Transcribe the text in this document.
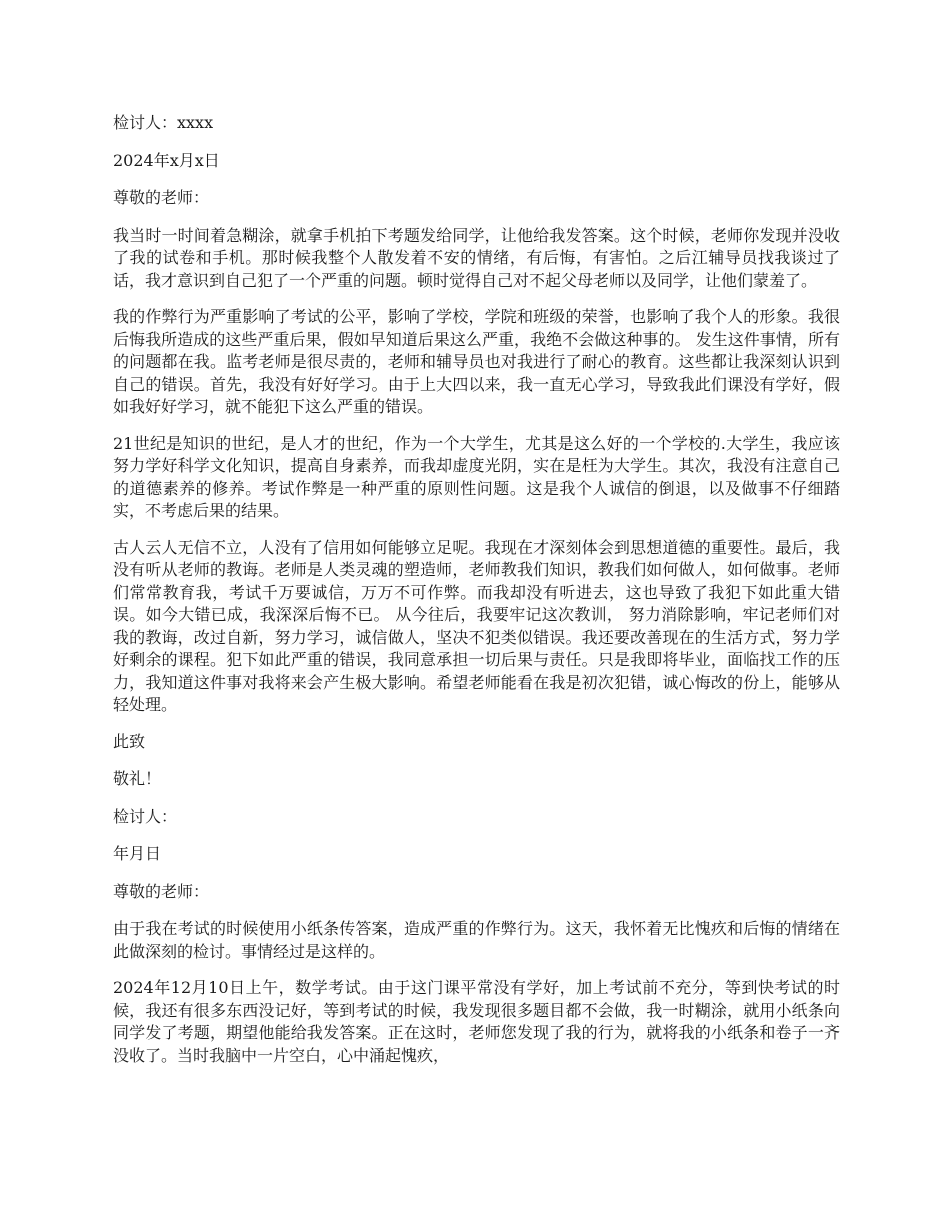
检讨人：xxxx

2024年x月x日

尊敬的老师：

我当时一时间着急糊涂，就拿手机拍下考题发给同学，让他给我发答案。这个时候，老师你发现并没收了我的试卷和手机。那时候我整个人散发着不安的情绪，有后悔，有害怕。之后江辅导员找我谈过了话，我才意识到自己犯了一个严重的问题。顿时觉得自己对不起父母老师以及同学，让他们蒙羞了。

我的作弊行为严重影响了考试的公平，影响了学校，学院和班级的荣誉，也影响了我个人的形象。我很后悔我所造成的这些严重后果，假如早知道后果这么严重，我绝不会做这种事的。 发生这件事情，所有的问题都在我。监考老师是很尽责的，老师和辅导员也对我进行了耐心的教育。这些都让我深刻认识到自己的错误。首先，我没有好好学习。由于上大四以来，我一直无心学习，导致我此们课没有学好，假如我好好学习，就不能犯下这么严重的错误。

21世纪是知识的世纪，是人才的世纪，作为一个大学生，尤其是这么好的一个学校的.大学生，我应该努力学好科学文化知识，提高自身素养，而我却虚度光阴，实在是枉为大学生。其次，我没有注意自己的道德素养的修养。考试作弊是一种严重的原则性问题。这是我个人诚信的倒退，以及做事不仔细踏实，不考虑后果的结果。

古人云人无信不立，人没有了信用如何能够立足呢。我现在才深刻体会到思想道德的重要性。最后，我没有听从老师的教诲。老师是人类灵魂的塑造师，老师教我们知识，教我们如何做人，如何做事。老师们常常教育我，考试千万要诚信，万万不可作弊。而我却没有听进去，这也导致了我犯下如此重大错误。如今大错已成，我深深后悔不已。 从今往后，我要牢记这次教训， 努力消除影响，牢记老师们对我的教诲，改过自新，努力学习，诚信做人，坚决不犯类似错误。我还要改善现在的生活方式，努力学好剩余的课程。犯下如此严重的错误，我同意承担一切后果与责任。只是我即将毕业，面临找工作的压力，我知道这件事对我将来会产生极大影响。希望老师能看在我是初次犯错，诚心悔改的份上，能够从轻处理。

此致

敬礼！

检讨人：

年月日

尊敬的老师：

由于我在考试的时候使用小纸条传答案，造成严重的作弊行为。这天，我怀着无比愧疚和后悔的情绪在此做深刻的检讨。事情经过是这样的。

2024年12月10日上午，数学考试。由于这门课平常没有学好，加上考试前不充分，等到快考试的时候，我还有很多东西没记好，等到考试的时候，我发现很多题目都不会做，我一时糊涂，就用小纸条向同学发了考题，期望他能给我发答案。正在这时，老师您发现了我的行为，就将我的小纸条和卷子一齐没收了。当时我脑中一片空白，心中涌起愧疚，
